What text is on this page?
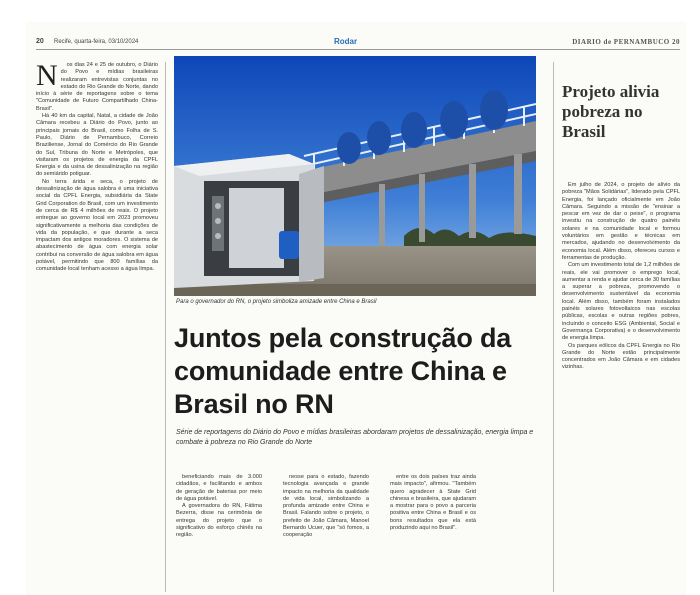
20 Recife, quarta-feira, 03/10/2024	Rodar	DIARIO de PERNAMBUCO 20
N	os dias 24 e 25 de outubro, o Diário do Povo e mídias brasileiras realizaram entrevistas conjuntas no estado do Rio Grande do Norte, dando início à série de reportagens sobre o tema "Comunidade de Futuro Compartilhado China-Brasil".

Há 40 km da capital, Natal, a cidade de João Câmara recebeu a Diário do Povo, junto ao principais jornais do Brasil, como Folha de S. Paulo, Diário de Pernambuco, Correio Braziliense, Jornal do Comércio do Rio Grande do Sul, Tribuna do Norte e Metrópoles, que visitaram os projetos de energia da CPFL Energia e da usina de dessalinização na região do semiárido potiguar.

No terra árida e seca, o projeto de dessalinização de água salobra é uma iniciativa social da CPFL Energia, subsidiária da State Grid Corporation do Brasil, com um investimento de cerca de R$ 4 milhões de reais. O projeto entregue ao governo local em 2023 promoveu significativamente a melhoria das condições de vida da população, e que durante a seca impactam dos antigos moradores. O sistema de abastecimento de água com energia solar contribui na conversão de água salobra em água potável, permitindo que 800 famílias da comunidade local tenham acesso a água limpa.

Para o governador do RN, o projeto simboliza amizade entre China e Brasil
Juntos pela construção da comunidade entre China e Brasil no RN

Série de reportagens do Diário do Povo e mídias brasileiras abordaram projetos de dessalinização, energia limpa e combate à pobreza no Rio Grande do Norte

beneficiando mais de 3.000 cidadãos, e facilitando e ambos de geração de baterias por meio de água potável.

A governadora do RN, Fátima Bezerra, disse na cerimônia de entrega do projeto que o significativo do esforço chinês na região.

nesse para o estado, fazendo tecnologia avançada e grande impacto na melhoria da qualidade de vida local, simbolizando a profunda amizade entre China e Brasil. Falando sobre o projeto, o prefeito de João Câmara, Manoel Bernardo Ucuer, que "só fomos, a cooperação

entre os dois países traz ainda mais impacto", afirmou. "Também quero agradecer à State Grid chinesa e brasileira, que ajudaram a mostrar para o povo a parceria positiva entre China e Brasil e os bons resultados que ela está produzindo aqui no Brasil".

Projeto alivia pobreza no Brasil

Em julho de 2024, o projeto de alívio da pobreza "Mãos Solidárias", liderado pela CPFL Energia, foi lançado oficialmente em João Câmara. Seguindo a missão de "ensinar a pescar em vez de dar o peixe", o programa investiu na construção de quatro painéis solares e na comunidade local e formou voluntários em gestão e técnicas em mercados, ajudando no desenvolvimento da economia local. Além disso, ofereceu cursos e ferramentas de produção.

Com um investimento total de 1,2 milhões de reais, ele vai promover o emprego local, aumentar a renda e ajudar cerca de 30 famílias a superar a pobreza, promovendo o desenvolvimento sustentável da economia local. Além disso, também foram instalados painéis solares fotovoltaicos nas escolas públicas, escolas e outras regiões pobres, incluindo o conceito ESG (Ambiental, Social e Governança Corporativa) e o desenvolvimento de energia limpa.

Os parques eólicos da CPFL Energia no Rio Grande do Norte estão principalmente concentrados em João Câmara e em cidades vizinhas.
